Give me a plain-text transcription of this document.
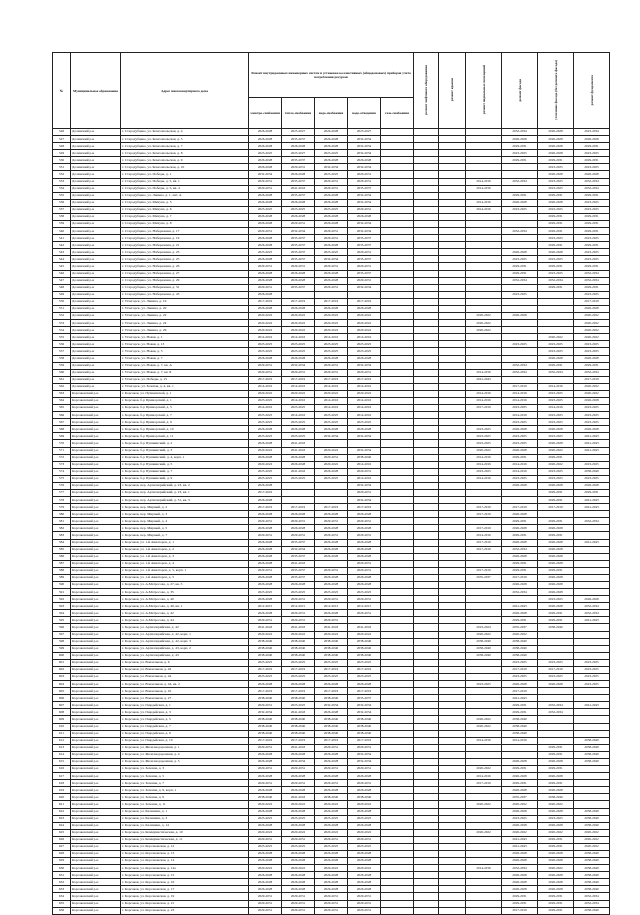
№	Муниципальное образование	Адрес многоквартирного дома	Ремонт внутридомовых инженерных систем и установка коллективных (общедомовых) приборов учета потребления ресурсов					ремонт лифтового оборудования	ремонт крыши	ремонт подвальных помещений	ремонт фасада	утепление фасада (без ремонта фасада)	ремонт фундамента
			электро-снабжения	тепло-снабжения	водо-снабжения	водо-отведения	газо-снабжения						
526	Долинский р-н	г. Стародубцево, ул. Комсомольская, д. 4	2026-2028	2025-2027	2026-2028	2023-2027					2032-2034	2026-2028	2023-2034
527	Долинский р-н	г. Стародубцево, ул. Комсомольская, д. 5	2026-2028	2035-2037	2026-2028	2032-2034					2026-2028	2026-2028	2026-2028
528	Долинский р-н	г. Стародубцево, ул. Комсомольская, д. 7	2026-2028	2026-2028	2026-2028	2032-2034					2029-2031	2026-2028	2029-2031
529	Долинский р-н	г. Стародубцево, ул. Комсомольская, д. 8	2023-2025	2023-2027	2023-2025	2032-2034					2023-2025	2026-2028	2023-2025
530	Долинский р-н	г. Стародубцево, ул. Комсомольская, д. 9	2026-2028	2035-2037	2026-2028	2026-2028					2029-2031	2029-2031	2029-2031
531	Долинский р-н	г. Стародубцево, ул. Комсомольская, д. 10	2026-2028	2029-2031	2032-2034	2032-2034						2023-2025	2023-2025
532	Долинский р-н	г. Стародубцево, ул. Победы, д. 1	2032-2034	2026-2028	2023-2025	2029-2031						2026-2028	2026-2028
533	Долинский р-н	г. Стародубцево, ул. Победы, д. 5, кв. 1	2029-2031	2035-2037	2029-2031	2029-2031				2014-2016	2032-2034	2023-2025	2032-2034
534	Долинский р-н	г. Стародубцево, ул. Победы, д. 5, кв. 4	2029-2031	2041-2043	2029-2031	2035-2037				2014-2016		2023-2025	2032-2034
535	Долинский р-н	г. Стародубцево, ул. Ленина, д. 1, лит. А	2026-2028	2035-2037	2026-2028	2032-2034					2029-2031	2029-2031	2029-2031
536	Долинский р-н	г. Стародубцево, ул. Мичуна, д. 5	2026-2028	2026-2028	2026-2028	2032-2034				2014-2016	2026-2028	2026-2028	2023-2025
537	Долинский р-н	г. Стародубцево, ул. Мичуна, д. 6	2023-2025	2023-2025	2023-2025	2029-2031				2014-2016	2023-2025	2023-2025	2023-2025
538	Долинский р-н	г. Стародубцево, ул. Мичуна, д. 7	2026-2028	2026-2028	2026-2028	2026-2028						2029-2031	2029-2031
539	Долинский р-н	г. Стародубцево, ул. Мичуна, д. 8	2026-2028	2029-2031	2026-2028	2032-2034						2029-2031	2029-2031
540	Долинский р-н	г. Стародубцево, ул. Набережная, д. 17	2029-2031	2032-2034	2029-2031	2032-2034					2032-2034	2029-2031	2029-2031
541	Долинский р-н	г. Стародубцево, ул. Набережная, д. 19	2026-2028	2035-2037	2029-2031	2035-2037						2023-2025	2023-2025
542	Долинский р-н	г. Стародубцево, ул. Набережная, д. 21	2026-2028	2035-2037	2026-2028	2035-2037						2029-2031	2029-2031
543	Долинский р-н	г. Стародубцево, ул. Набережная, д. 23	2023-2025	2035-2037	2023-2025	2029-2031					2026-2028	2026-2028	2023-2025
544	Долинский р-н	г. Стародубцево, ул. Набережная, д. 25	2026-2028	2035-2037	2032-2034	2035-2037					2023-2025	2023-2025	2023-2025
545	Долинский р-н	г. Стародубцево, ул. Набережная, д. 26	2029-2031	2029-2031	2029-2031	2029-2031					2029-2031	2029-2031	2029-2031
546	Долинский р-н	г. Стародубцево, ул. Набережная, д. 27	2026-2028	2026-2028	2026-2028	2035-2037					2029-2031	2023-2025	2032-2034
547	Долинский р-н	г. Стародубцево, ул. Набережная, д. 29	2026-2028	2026-2028	2026-2028	2029-2031					2032-2034	2032-2034	2032-2034
548	Долинский р-н	г. Стародубцево, ул. Набережная, д. 31	2029-2031	2035-2037	2029-2031	2032-2034						2029-2031	2029-2031
549	Долинский р-н	г. Стародубцево, ул. Набережная, д. 43	2026-2028								2023-2025		2023-2025
550	Долинский р-н	г. Углегорск, ул. Ленина, д. 19	2017-2019	2017-2019	2017-2019	2017-2019							2017-2019
551	Долинский р-н	г. Углегорск, ул. Ленина, д. 20	2026-2028	2026-2028	2026-2028	2026-2028							2026-2028
552	Долинский р-н	г. Углегорск, ул. Ленина, д. 22	2020-2022	2020-2022	2020-2022	2020-2022				2020-2022	2026-2028		2020-2022
553	Долинский р-н	г. Углегорск, ул. Ленина, д. 24	2020-2022	2020-2022	2020-2022	2020-2022				2020-2022			2020-2022
554	Долинский р-н	г. Углегорск, ул. Ленина, д. 26	2020-2022	2020-2022	2020-2022	2020-2022				2020-2022			2020-2022
555	Долинский р-н	г. Углегорск, ул. Новая, д. 1	2014-2016	2014-2016	2014-2016	2014-2016						2020-2022	2020-2022
556	Долинский р-н	г. Углегорск, ул. Новая, д. 13	2023-2025	2023-2025	2023-2025	2023-2025					2023-2025	2023-2025	2023-2025
557	Долинский р-н	г. Углегорск, ул. Новая, д. 5	2023-2025	2023-2025	2023-2025	2023-2025						2023-2025	2023-2025
558	Долинский р-н	г. Углегорск, ул. Новая, д. 7	2026-2028	2026-2028	2026-2028	2026-2028						2026-2028	2026-2028
559	Долинский р-н	г. Углегорск, ул. Новая, д. 7, кв. А	2029-2031	2032-2034	2029-2031	2032-2034					2032-2034	2029-2031	2029-2031
560	Долинский р-н	г. Углегорск, ул. Новая, д. 7, кв. Б	2029-2031	2029-2031	2029-2031	2029-2031				2014-2016	2032-2034	2032-2034	2032-2034
561	Долинский р-н	г. Углегорск, ул. Победы, д. 15	2017-2019	2017-2019	2017-2019	2017-2019				2041-2043			2017-2019
562	Долинский р-н	г. Углегорск, ул. Зеленая, д. 4, кв. 1	2014-2016	2014-2016	2014-2016	2014-2016					2017-2019	2014-2016	2020-2022
563	Корсаковский р-н	г. Корсаков, ул. Пушкинской, д. 1	2020-2022	2020-2022	2020-2022	2020-2022				2014-2016	2014-2016	2023-2025	2020-2022
564	Корсаковский р-н	г. Корсаков, б-р Приморский, д. 1	2023-2025	2014-2016	2014-2016	2014-2016				2014-2016	2014-2016	2023-2025	2026-2028
565	Корсаковский р-н	г. Корсаков, б-р Приморский, д. 5	2014-2016	2023-2025	2014-2016	2014-2016				2017-2019	2023-2025	2014-2016	2023-2025
566	Корсаковский р-н	г. Корсаков, б-р Приморский, д. 7	2023-2025	2014-2016	2023-2025	2014-2016					2014-2016	2023-2025	2023-2025
567	Корсаковский р-н	г. Корсаков, б-р Приморский, д. 9	2023-2025	2023-2025	2023-2025	2023-2025					2023-2025	2023-2025	2023-2025
568	Корсаковский р-н	г. Корсаков, б-р Приморский, д. 10	2026-2028	2026-2028	2026-2028	2026-2028				2023-2025	2026-2028	2026-2028	2026-2028
569	Корсаковский р-н	г. Корсаков, б-р Приморский, д. 11	2023-2025	2023-2025	2032-2034	2032-2034				2023-2025	2023-2025	2023-2025	2041-2043
570	Корсаковский р-н	г. Корсаков, б-р Пушкинский, д. 2	2026-2028	2041-2043						2023-2025	2023-2025	2026-2028	2041-2043
571	Корсаковский р-н	г. Корсаков, б-р Пушкинский, д. 3	2020-2022	2041-2043	2020-2022	2032-2034				2020-2022	2026-2028	2020-2022	2041-2043
572	Корсаковский р-н	г. Корсаков, б-р Пушкинский, д. 4, корп. 1	2026-2028	2026-2028	2029-2031	2038-2040				2014-2016	2029-2031	2029-2031	
573	Корсаковский р-н	г. Корсаков, б-р Пушкинский, д. 5	2020-2022	2026-2028	2020-2022	2014-2016				2014-2016	2014-2016	2020-2022	2023-2025
574	Корсаковский р-н	г. Корсаков, б-р Пушкинский, д. 7	2023-2025	2041-2043	2026-2028	2029-2031				2023-2025	2014-2016	2023-2025	2038-2040
575	Корсаковский р-н	г. Корсаков, б-р Пушкинский, д. 9	2023-2025	2023-2025	2023-2025	2014-2016				2014-2016	2023-2025	2023-2025	2023-2025
576	Корсаковский р-н	г. Корсаков, пер. Артиллерийский, д. 23, кв. 2	2026-2028			2032-2034					2026-2028	2026-2028	2026-2028
577	Корсаковский р-н	г. Корсаков, пер. Артиллерийский, д. 23, кв. 1	2017-2019			2029-2031						2029-2031	2029-2031
578	Корсаковский р-н	г. Корсаков, пер. Артиллерийский, д. 31, кв. 3	2026-2028			2032-2034						2029-2031	2041-2043
579	Корсаковский р-н	г. Корсаков, пер. Мирный, д. 2	2017-2019	2017-2019	2017-2019	2017-2019				2017-2019	2017-2019	2017-2019	2041-2043
580	Корсаковский р-н	г. Корсаков, пер. Мирный, д. 3	2026-2028	2026-2028	2026-2028	2026-2028				2017-2019	2026-2028		
581	Корсаковский р-н	г. Корсаков, пер. Мирный, д. 4	2029-2031	2029-2031	2029-2031	2029-2031					2029-2031	2029-2031	2032-2034
582	Корсаковский р-н	г. Корсаков, пер. Мирный, д. 5	2026-2028	2026-2028	2026-2028	2026-2028				2017-2019	2026-2028	2026-2028	
583	Корсаковский р-н	г. Корсаков, пер. Мирный, д. 7	2029-2031	2029-2031	2029-2031	2029-2031				2014-2016	2029-2031	2029-2031	
584	Корсаковский р-н	г. Корсаков, ул. 1-й Авиаторов, д. 1	2026-2028	2035-2037	2026-2028	2026-2028				2017-2019	2026-2028	2026-2028	2041-2043
585	Корсаковский р-н	г. Корсаков, ул. 1-й Авиаторов, д. 2	2026-2028	2032-2034	2026-2028	2026-2028				2017-2019	2032-2034	2026-2028	
586	Корсаковский р-н	г. Корсаков, ул. 1-й Авиаторов, д. 3	2026-2028	2035-2037	2026-2028	2026-2028					2026-2028	2026-2028	
587	Корсаковский р-н	г. Корсаков, ул. 1-й Авиаторов, д. 4	2026-2028	2041-2043		2029-2031					2029-2031	2026-2028	
588	Корсаковский р-н	г. Корсаков, ул. 1-й Авиаторов, д. 5, корп. 1	2029-2031	2035-2037	2029-2031	2029-2031				2017-2019	2029-2031	2029-2031	
589	Корсаковский р-н	г. Корсаков, ул. 1-й Авиаторов, д. 5	2026-2028	2035-2037	2026-2028	2026-2028				2035-2037	2017-2019	2026-2028	
590	Корсаковский р-н	г. Корсаков, ул. А.Матросова, д. 27, кв. 5	2026-2028	2026-2028	2026-2028	2026-2028					2026-2028	2026-2028	
591	Корсаковский р-н	г. Корсаков, ул. А.Матросова, д. 35	2023-2025	2023-2025	2023-2025	2023-2025					2032-2034	2026-2028	
592	Корсаковский р-н	г. Корсаков, ул. А.Матросова, д. 40	2026-2028	2029-2031	2029-2031	2029-2031						2023-2025	2026-2028
593	Корсаковский р-н	г. Корсаков, ул. А.Матросова, д. 40, кв. 1	2012-2015	2012-2015	2012-2015	2012-2015					2041-2043	2026-2028	2032-2034
594	Корсаковский р-н	г. Корсаков, ул. А.Матросова, д. 42	2026-2028	2029-2031	2026-2028	2029-2031					2026-2028	2029-2031	2032-2034
595	Корсаковский р-н	г. Корсаков, ул. А.Матросова, д. 44	2029-2031	2029-2031	2029-2031						2029-2031	2029-2031	2041-2043
596	Корсаковский р-н	г. Корсаков, ул. Артиллерийская, д. 42	2041-2043	2041-2043	2041-2043	2041-2043				2023-2024	2035-2037	2038-2040	
597	Корсаковский р-н	г. Корсаков, ул. Артиллерийская, д. 42, корп. 1	2020-2022	2020-2022	2020-2022	2020-2022				2020-2022	2020-2022		
598	Корсаковский р-н	г. Корсаков, ул. Артиллерийская, д. 42, корп. 3	2038-2040	2038-2040	2038-2040	2038-2040				2038-2040	2038-2040		
599	Корсаковский р-н	г. Корсаков, ул. Артиллерийская, д. 43, корп. 2	2038-2040	2038-2040	2038-2040	2038-2040				2038-2040	2038-2040		
600	Корсаковский р-н	г. Корсаков, ул. Артиллерийская, д. 43	2038-2040	2038-2040	2038-2040	2038-2040				2038-2040	2038-2040		
601	Корсаковский р-н	г. Корсаков, ул. Вокзальная, д. 6	2023-2025	2023-2025	2023-2025	2023-2025					2023-2025	2023-2025	2023-2025
602	Корсаковский р-н	г. Корсаков, ул. Вокзальная, д. 42	2017-2019	2017-2019	2017-2019	2017-2019					2017-2019	2017-2019	2023-2025
603	Корсаковский р-н	г. Корсаков, ул. Вокзальная, д. 44	2023-2025	2023-2025	2023-2025	2023-2025					2023-2025	2023-2025	2023-2025
604	Корсаковский р-н	г. Корсаков, ул. Вокзальная, д. 44, кв. 2	2026-2028	2026-2028	2026-2028	2026-2028				2023-2025	2026-2028	2026-2028	2023-2025
605	Корсаковский р-н	г. Корсаков, ул. Вокзальная, д. 45	2017-2019	2017-2019	2017-2019	2017-2019					2017-2019		
606	Корсаковский р-н	г. Корсаков, ул. Вокзальная, д. 27	2038-2040	2038-2040	2038-2040	2035-2037					2041-2043		
607	Корсаковский р-н	г. Корсаков, ул. Гвардейская, д. 1	2029-2031	2023-2025	2032-2034	2032-2034					2029-2031	2032-2034	2041-2043
608	Корсаковский р-н	г. Корсаков, ул. Гвардейская, д. 3	2032-2034	2041-2043	2026-2028	2032-2034					2029-2031	2032-2034	
609	Корсаковский р-н	г. Корсаков, ул. Гвардейская, д. 5	2038-2040	2038-2040	2038-2040	2038-2040				2020-2022	2038-2040		
610	Корсаковский р-н	г. Корсаков, ул. Гвардейская, д. 7	2038-2040	2038-2040	2038-2040	2038-2040				2020-2022	2038-2040		
611	Корсаковский р-н	г. Корсаков, ул. Гвардейская, д. 9	2038-2040	2038-2040	2038-2040	2038-2040					2038-2040		
612	Корсаковский р-н	г. Корсаков, ул. Гвардейская, д. 10	2017-2019	2017-2019	2017-2019	2017-2019				2014-2016	2014-2016		2038-2040
613	Корсаковский р-н	г. Корсаков, ул. Железнодорожная, д. 1	2029-2031	2041-2043	2029-2031	2029-2031						2029-2031	2038-2040
614	Корсаковский р-н	г. Корсаков, ул. Железнодорожная, д. 4	2026-2028	2026-2028	2026-2028	2032-2034						2029-2031	2038-2040
615	Корсаковский р-н	г. Корсаков, ул. Железнодорожная, д. 5	2026-2028	2032-2034	2026-2028	2032-2034					2026-2028	2026-2028	2038-2040
616	Корсаковский р-н	г. Корсаков, ул. Зеленая, д. 3	2029-2031	2029-2031	2029-2031	2029-2031				2020-2022	2029-2031	2029-2031	
617	Корсаковский р-н	г. Корсаков, ул. Зеленая, д. 5	2026-2028	2026-2028	2026-2028	2026-2028				2014-2016	2026-2028	2026-2028	
618	Корсаковский р-н	г. Корсаков, ул. Зеленая, д. 7	2029-2031	2029-2031	2029-2031	2029-2031				2017-2019	2029-2031	2029-2031	
619	Корсаковский р-н	г. Корсаков, ул. Зеленая, д. 9, корп. 1	2026-2028	2026-2028	2026-2028	2026-2028					2026-2028	2026-2028	
620	Корсаковский р-н	г. Корсаков, ул. Зеленая, д. 9	2038-2040	2041-2043	2038-2040	2038-2040					2035-2037	2038-2040	
621	Корсаковский р-н	г. Корсаков, ул. Зеленая, д. 11	2020-2022	2020-2022	2020-2022	2020-2022				2020-2022	2020-2022	2020-2022	
622	Корсаковский р-н	г. Корсаков, ул. Калинина, д. 1	2026-2028	2026-2028	2026-2028	2026-2028					2026-2028	2026-2028	2038-2040
623	Корсаковский р-н	г. Корсаков, ул. Калинина, д. 3	2023-2025	2023-2025	2023-2025	2023-2025					2023-2025	2023-2025	2038-2040
624	Корсаковский р-н	г. Корсаков, ул. Калинина, д. 14	2026-2028	2026-2028	2026-2028	2026-2028					2026-2028	2026-2028	2038-2040
625	Корсаковский р-н	г. Корсаков, ул. Коммунистическая, д. 10	2020-2022	2020-2022	2020-2022	2020-2022				2020-2022	2020-2022	2020-2022	2020-2022
626	Корсаковский р-н	г. Корсаков, ул. Коммунистическая, д. 11	2029-2031	2029-2031	2029-2031	2029-2031					2041-2043	2029-2031	2020-2022
627	Корсаковский р-н	г. Корсаков, ул. Корсаковская, д. 12	2023-2025	2023-2025	2023-2025	2023-2025					2041-2043	2029-2031	2020-2022
628	Корсаковский р-н	г. Корсаков, ул. Корсаковская, д. 13	2026-2028	2026-2028	2026-2028	2026-2028					2026-2028	2026-2028	2038-2040
629	Корсаковский р-н	г. Корсаков, ул. Корсаковская, д. 14	2026-2028	2026-2028	2026-2028	2026-2028					2026-2028	2026-2028	2038-2040
630	Корсаковский р-н	г. Корсаков, ул. Корсаковская, д. 14а	2020-2022	2020-2022	2020-2022	2020-2022				2014-2016	2032-2034	2020-2022	2038-2040
631	Корсаковский р-н	г. Корсаков, ул. Корсаковская, д. 15	2026-2028	2026-2028	2026-2028	2026-2028					2026-2028	2026-2028	2038-2040
632	Корсаковский р-н	г. Корсаков, ул. Корсаковская, д. 16	2026-2028	2026-2028	2026-2028	2026-2028					2026-2028	2026-2028	2038-2040
633	Корсаковский р-н	г. Корсаков, ул. Корсаковская, д. 17	2026-2028	2026-2028	2026-2028	2026-2028					2026-2028	2026-2028	2038-2040
634	Корсаковский р-н	г. Корсаков, ул. Корсаковская, д. 19	2029-2031	2029-2031	2029-2031	2029-2031					2029-2031	2029-2031	2032-2034
635	Корсаковский р-н	г. Корсаков, ул. Корсаковская, д. 21	2029-2031	2029-2031	2029-2031	2029-2031					2029-2031	2029-2031	2032-2034
636	Корсаковский р-н	г. Корсаков, ул. Корсаковская, д. 23	2029-2031	2029-2031	2029-2031	2029-2031					2017-2019	2029-2031	2038-2040
